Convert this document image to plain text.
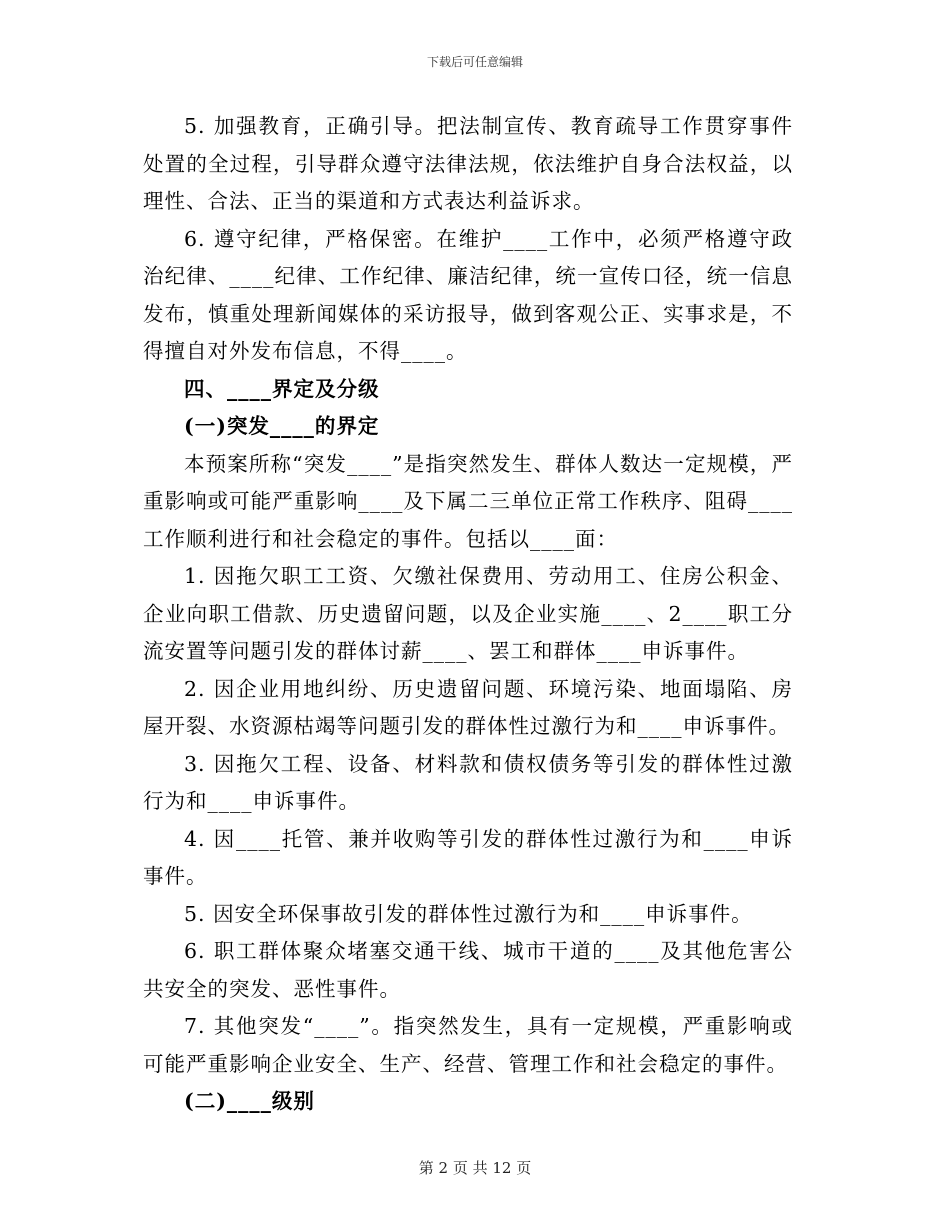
下载后可任意编辑

5. 加强教育，正确引导。把法制宣传、教育疏导工作贯穿事件处置的全过程，引导群众遵守法律法规，依法维护自身合法权益，以理性、合法、正当的渠道和方式表达利益诉求。

6. 遵守纪律，严格保密。在维护____工作中，必须严格遵守政治纪律、____纪律、工作纪律、廉洁纪律，统一宣传口径，统一信息发布，慎重处理新闻媒体的采访报导，做到客观公正、实事求是，不得擅自对外发布信息，不得____。

四、____界定及分级

(一)突发____的界定

本预案所称“突发____”是指突然发生、群体人数达一定规模，严重影响或可能严重影响____及下属二三单位正常工作秩序、阻碍____工作顺利进行和社会稳定的事件。包括以____面：

1. 因拖欠职工工资、欠缴社保费用、劳动用工、住房公积金、企业向职工借款、历史遗留问题，以及企业实施____、2____职工分流安置等问题引发的群体讨薪____、罢工和群体____申诉事件。

2. 因企业用地纠纷、历史遗留问题、环境污染、地面塌陷、房屋开裂、水资源枯竭等问题引发的群体性过激行为和____申诉事件。

3. 因拖欠工程、设备、材料款和债权债务等引发的群体性过激行为和____申诉事件。

4. 因____托管、兼并收购等引发的群体性过激行为和____申诉事件。

5. 因安全环保事故引发的群体性过激行为和____申诉事件。

6. 职工群体聚众堵塞交通干线、城市干道的____及其他危害公共安全的突发、恶性事件。

7. 其他突发“____”。指突然发生，具有一定规模，严重影响或可能严重影响企业安全、生产、经营、管理工作和社会稳定的事件。

(二)____级别

第 2 页 共 12 页
